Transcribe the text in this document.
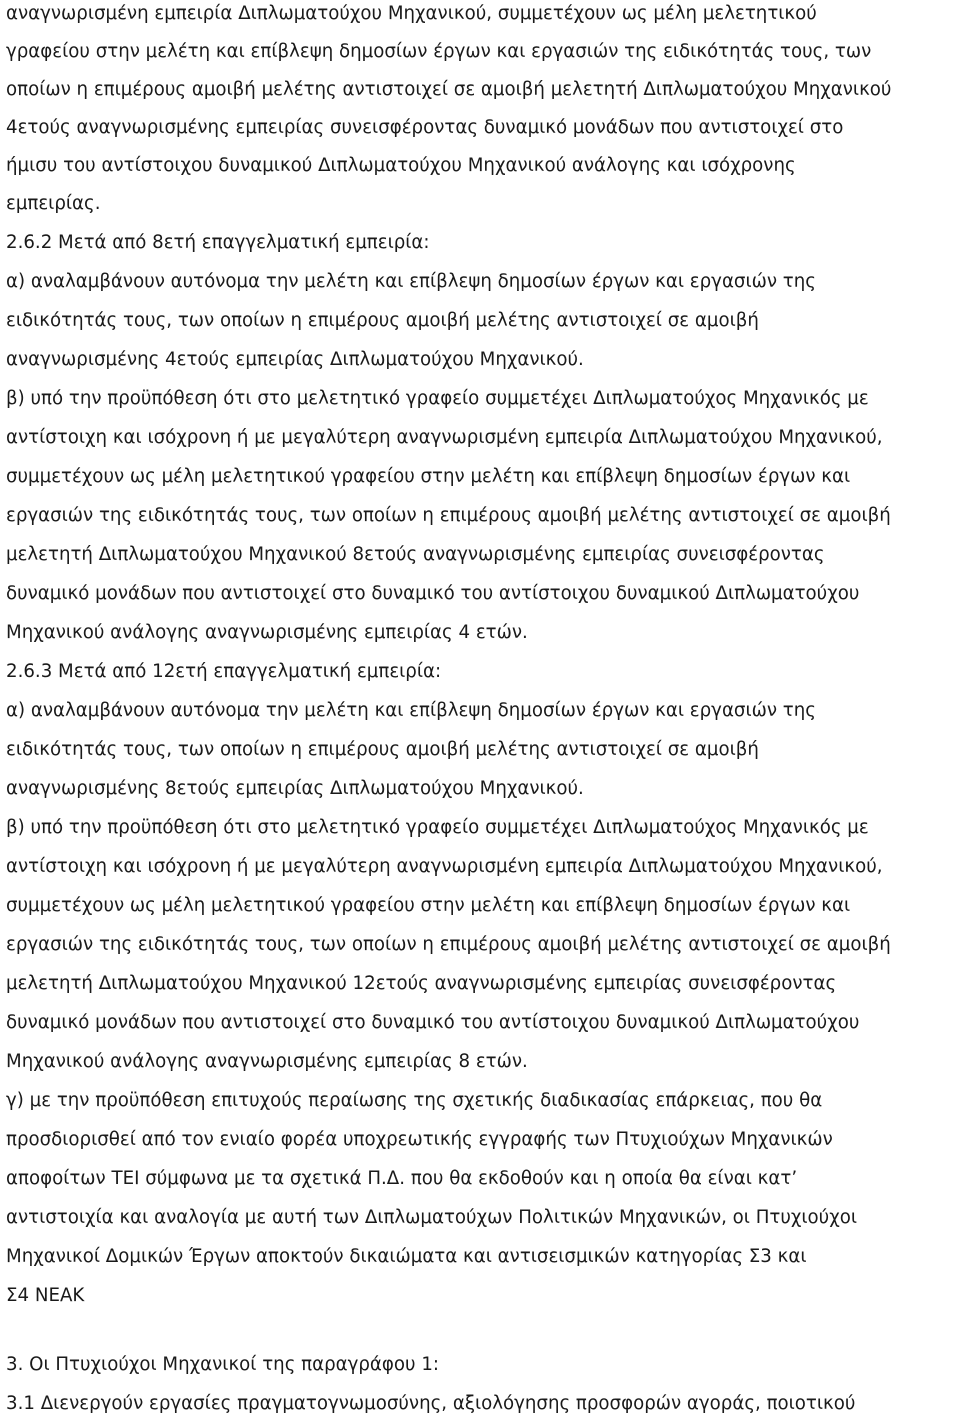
αναγνωρισμένη εμπειρία Διπλωματούχου Μηχανικού, συμμετέχουν ως μέλη μελετητικού
γραφείου στην μελέτη και επίβλεψη δημοσίων έργων και εργασιών της ειδικότητάς τους, των
οποίων η επιμέρους αμοιβή μελέτης αντιστοιχεί σε αμοιβή μελετητή Διπλωματούχου Μηχανικού
4ετούς αναγνωρισμένης εμπειρίας συνεισφέροντας δυναμικό μονάδων που αντιστοιχεί στο
ήμισυ του αντίστοιχου δυναμικού Διπλωματούχου Μηχανικού ανάλογης και ισόχρονης
εμπειρίας.
2.6.2 Μετά από 8ετή επαγγελματική εμπειρία:
α) αναλαμβάνουν αυτόνομα την μελέτη και επίβλεψη δημοσίων έργων και εργασιών της
ειδικότητάς τους, των οποίων η επιμέρους αμοιβή μελέτης αντιστοιχεί σε αμοιβή
αναγνωρισμένης 4ετούς εμπειρίας Διπλωματούχου Μηχανικού.
β) υπό την προϋπόθεση ότι στο μελετητικό γραφείο συμμετέχει Διπλωματούχος Μηχανικός με
αντίστοιχη και ισόχρονη ή με μεγαλύτερη αναγνωρισμένη εμπειρία Διπλωματούχου Μηχανικού,
συμμετέχουν ως μέλη μελετητικού γραφείου στην μελέτη και επίβλεψη δημοσίων έργων και
εργασιών της ειδικότητάς τους, των οποίων η επιμέρους αμοιβή μελέτης αντιστοιχεί σε αμοιβή
μελετητή Διπλωματούχου Μηχανικού 8ετούς αναγνωρισμένης εμπειρίας συνεισφέροντας
δυναμικό μονάδων που αντιστοιχεί στο δυναμικό του αντίστοιχου δυναμικού Διπλωματούχου
Μηχανικού ανάλογης αναγνωρισμένης εμπειρίας 4 ετών.
2.6.3 Μετά από 12ετή επαγγελματική εμπειρία:
α) αναλαμβάνουν αυτόνομα την μελέτη και επίβλεψη δημοσίων έργων και εργασιών της
ειδικότητάς τους, των οποίων η επιμέρους αμοιβή μελέτης αντιστοιχεί σε αμοιβή
αναγνωρισμένης 8ετούς εμπειρίας Διπλωματούχου Μηχανικού.
β) υπό την προϋπόθεση ότι στο μελετητικό γραφείο συμμετέχει Διπλωματούχος Μηχανικός με
αντίστοιχη και ισόχρονη ή με μεγαλύτερη αναγνωρισμένη εμπειρία Διπλωματούχου Μηχανικού,
συμμετέχουν ως μέλη μελετητικού γραφείου στην μελέτη και επίβλεψη δημοσίων έργων και
εργασιών της ειδικότητάς τους, των οποίων η επιμέρους αμοιβή μελέτης αντιστοιχεί σε αμοιβή
μελετητή Διπλωματούχου Μηχανικού 12ετούς αναγνωρισμένης εμπειρίας συνεισφέροντας
δυναμικό μονάδων που αντιστοιχεί στο δυναμικό του αντίστοιχου δυναμικού Διπλωματούχου
Μηχανικού ανάλογης αναγνωρισμένης εμπειρίας 8 ετών.
γ) με την προϋπόθεση επιτυχούς περαίωσης της σχετικής διαδικασίας επάρκειας, που θα
προσδιορισθεί από τον ενιαίο φορέα υποχρεωτικής εγγραφής των Πτυχιούχων Μηχανικών
αποφοίτων ΤΕΙ σύμφωνα με τα σχετικά Π.Δ. που θα εκδοθούν και η οποία θα είναι κατ’
αντιστοιχία και αναλογία με αυτή των Διπλωματούχων Πολιτικών Μηχανικών, οι Πτυχιούχοι
Μηχανικοί Δομικών Έργων αποκτούν δικαιώματα και αντισεισμικών κατηγορίας Σ3 και
Σ4 ΝΕΑΚ
3. Οι Πτυχιούχοι Μηχανικοί της παραγράφου 1:
3.1 Διενεργούν εργασίες πραγματογνωμοσύνης, αξιολόγησης προσφορών αγοράς, ποιοτικού
